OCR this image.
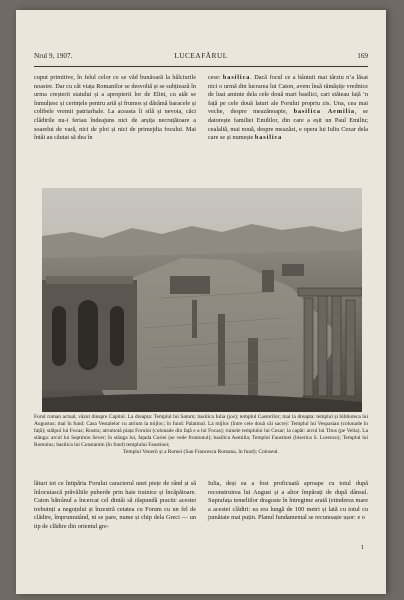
Nrul 9, 1907.	LUCEAFĂRUL	169

cuput primitive, în felul celor ce se văd bunăoară la bălciurile noastre. Dar cu cât viața Romanilor se desvoltă și se subțiează în urma creșterii statului și a apropierii lor de Elini, cu atât se înmulțesc și cerințele pentru artă și frumos și dărâmă baracele și colibele vremii patriarhale. La aceasta îi silă și nevoia, căci clădirile nu-i feriau îndeajuns nici de arșița necruțătoare a soarelui de vară, nici de ploi și nici de primejdia focului. Mai întâi au căutat să dea în

cese: basilica. Dacă focul ce a bântuit mai târziu n’a lăsat nici o urmă din lucrarea lui Caton, avem însă rămășițe vrednice de luat aminte dela cele două mari basilici, cari stăteau față ’n față pe cele două laturi ale Forului propriu zis. Una, cea mai veche, despre meazănoapte, basilica Aemilia, se datorește familiei Emililor, din care a eșit un Paul Emiliu; cealaltă, mai nouă, despre meazăzi, e opera lui Iuliu Cezar dela care se și numește basilica

Forul roman actual, văzut dinspre Capitol. La dreapta: Templul lui Saturn; basilica Iulia (jos); templul Castorilor; mai la dreapta: templul și biblioteca lui Augustus; mai în fund: Casa Vestalelor cu atrium la mijloc; în fund: Palatinul. La mijloc (între cele două căi sacre): Templul lui Vespasian (colonade în față); stâlpul lui Focas; Rostra; atrumotă piața Forului (colonade din față e a lui Focas); ruinele templului lui Cezar; la capăt: arcul lui Titus (pe Velia). La stânga: arcul lui Septimiu Sever; în stânga lui, fațada Curiei (se vede frontonul); basilica Aemilia; Templul Faustinei (biserica S. Lorenzo); Templul lui Romulus; basilica lui Constantin (în fund) templului Faustinei;

Templul Venerii și a Romei (San Francesca Romana, în fund); Coloseul.

lături tot ce întipăria Forului caracterul unei piețe de rând și să înlocuiască prăvăliile puberde prin haie trainice și încăpătoare. Caton bătrânul a încercat cel dintâi să răspundă practic acestei trebuinți a negoțului și înzestră cetatea cu Forum cu un fel de clădire, împrumutând, ni se pare, nume și chip dela Greci — un tip de clădire din orientul gre-

Iulia, deși ea a fost proficuată aproape cu totul după reconstruirea lui August și a altor împărați de după dânsul. Suprafața temeliilor dragoste în întregime arată (etinderea mare a acestei clădiri: ea era lungă de 100 metri și lată cu totul cu jumătate mai puțin. Planul fundamental se recunoaște ușor: e o

1
